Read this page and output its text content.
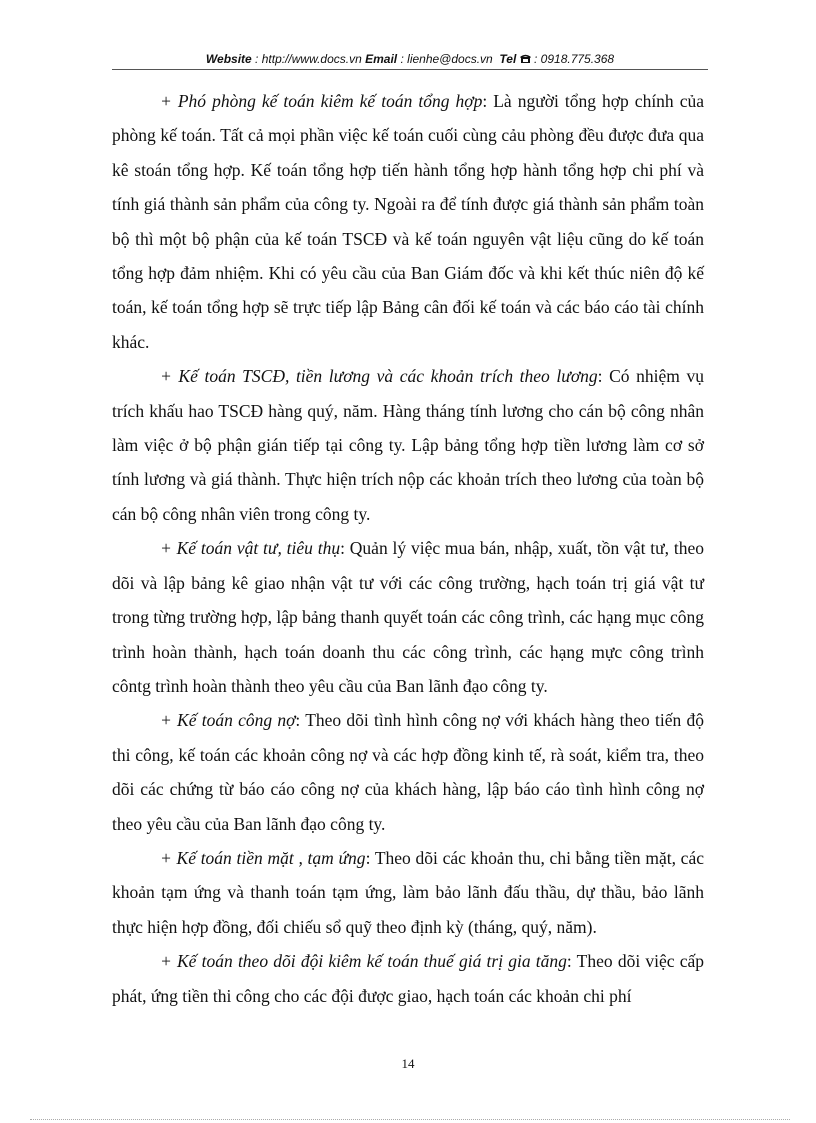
Website : http://www.docs.vn Email : lienhe@docs.vn Tel : 0918.775.368

+ Phó phòng kế toán kiêm kế toán tổng hợp: Là người tổng hợp chính của phòng kế toán. Tất cả mọi phần việc kế toán cuối cùng cảu phòng đều được đưa qua kê stoán tổng hợp. Kế toán tổng hợp tiến hành tổng hợp hành tổng hợp chi phí và tính giá thành sản phẩm của công ty. Ngoài ra để tính được giá thành sản phẩm toàn bộ thì một bộ phận của kế toán TSCĐ và kế toán nguyên vật liệu cũng do kế toán tổng hợp đảm nhiệm. Khi có yêu cầu của Ban Giám đốc và khi kết thúc niên độ kế toán, kế toán tổng hợp sẽ trực tiếp lập Bảng cân đối kế toán và các báo cáo tài chính khác.

+ Kế toán TSCĐ, tiền lương và các khoản trích theo lương: Có nhiệm vụ trích khấu hao TSCĐ hàng quý, năm. Hàng tháng tính lương cho cán bộ công nhân làm việc ở bộ phận gián tiếp tại công ty. Lập bảng tổng hợp tiền lương làm cơ sở tính lương và giá thành. Thực hiện trích nộp các khoản trích theo lương của toàn bộ cán bộ công nhân viên trong công ty.

+ Kế toán vật tư, tiêu thụ: Quản lý việc mua bán, nhập, xuất, tồn vật tư, theo dõi và lập bảng kê giao nhận vật tư với các công trường, hạch toán trị giá vật tư trong từng trường hợp, lập bảng thanh quyết toán các công trình, các hạng mục công trình hoàn thành, hạch toán doanh thu các công trình, các hạng mực công trình côntg trình hoàn thành theo yêu cầu của Ban lãnh đạo công ty.

+ Kế toán công nợ: Theo dõi tình hình công nợ với khách hàng theo tiến độ thi công, kế toán các khoản công nợ và các hợp đồng kinh tế, rà soát, kiểm tra, theo dõi các chứng từ báo cáo công nợ của khách hàng, lập báo cáo tình hình công nợ theo yêu cầu của Ban lãnh đạo công ty.

+ Kế toán tiền mặt , tạm ứng: Theo dõi các khoản thu, chi bằng tiền mặt, các khoản tạm ứng và thanh toán tạm ứng, làm bảo lãnh đấu thầu, dự thầu, bảo lãnh thực hiện hợp đồng, đối chiếu sổ quỹ theo định kỳ (tháng, quý, năm).

+ Kế toán theo dõi đội kiêm kế toán thuế giá trị gia tăng: Theo dõi việc cấp phát, ứng tiền thi công cho các đội được giao, hạch toán các khoản chi phí

14
